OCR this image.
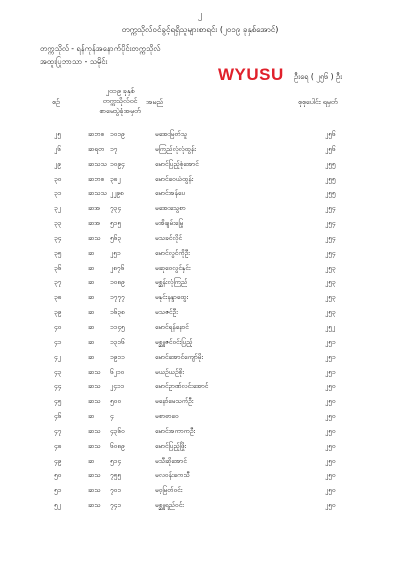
၂
တက္ကသိုလ်ဝင်ခွင့်ရရှိသူများစာရင်း (၂၀၁၉ ခုနှစ်အောင်)
တက္ကသိုလ် - ရန်ကုန်အနောက်ပိုင်းတက္ကသိုလ်
အထူးပြုဘာသာ - သမိုင်း
WYUSU ဦးရေ ( ၂၅၆ ) ဦး
စဉ်
၂၀၁၉ ခုနှစ်
တက္ကသိုလ်ဝင်
စာမေးပွဲခုံအမှတ်
အမည်	စုစုပေါင်း ရမှတ်
၂၅	ဆဘစ ၁၀၁၉	မအေးမြတ်သူ	၂၅၆
၂၆	ဆရတ ၁၇	မကြည်လုံလုံထွန်း	၂၅၆
၂၉	ဆသသ ၁၀၉၄	မောင်ပြည့်စုံအောင်	၂၅၅
၃၀	ဆဘစ ၃၈၂	မောင်ဝေယံထွန်း	၂၅၅
၃၁	ဆသသ ၂၂၉၈	မောင်အန်ပေ	၂၅၅
၃၂	ဆအ ၇၃၄	မအေးသွေစာ	၂၅၄
၃၃	ဆအ ၅၁၅	မအိချမ်းမြေ့	၂၅၄
၃၄	ဆသ ၅၆၃	မသခင်လိုင်	၂၅၄
၃၅	ဆ ၂၅၁	မောင်လွင်ကိုဦး	၂၅၄
၃၆	ဆ ၂၈၇၆	မဆုဝေလွင်နှင်း	၂၅၃
၃၇	ဆ ၁၀၈၉	မစ္ဆန်းလုံကြည်	၂၅၃
၃၈	ဆ ၁၇၇၇	မနုင်းနန္ဒာထွေး	၂၅၃
၃၉	ဆ ၁၆၃၈	မသဇင်ဦး	၂၅၃
၄၀	ဆ ၁၁၄၅	မောင်ရန်နောင်	၂၅၂
၄၁	ဆ ၁၃၁၆	မစ္ဆူဇင်ဝင်းပြည့်	၂၅၁
၄၂	ဆ ၁၉၁၁	မောင်အောင်ကျော်မိုး	၂၅၁
၄၃	ဆသ ၆၂၁၀	မယဉ်ယဉ်စိုး	၂၅၁
၄၄	ဆသ ၂၄၁၁	မောင်ဥာဏ်လင်းအောင်	၂၅၀
၄၅	ဆသ ၅၀၀	မနော်မေသက်ဦး	၂၅၀
၄၆	ဆ ၄	မစာဓာဝေ	၂၅၀
၄၇	ဆသ ၄၃၆၀	မောင်အကာကဦး	၂၅၀
၄၈	ဆသ ၆၀၈၉	မောင်ပြည့်ဖြိုး	၂၅၀
၄၉	ဆ ၅၁၄	မသီဆိုအောင်	၂၅၀
၅၀	ဆသ ၇၅၅	မလဝန်းကေသီ	၂၅၀
၅၁	ဆသ ၇၀၁	မဝ့မြတ်ဝင်း	၂၅၀
၅၂	ဆသ ၇၄၁	မစ္ဆူရည်ဝင်း	၂၅၀
